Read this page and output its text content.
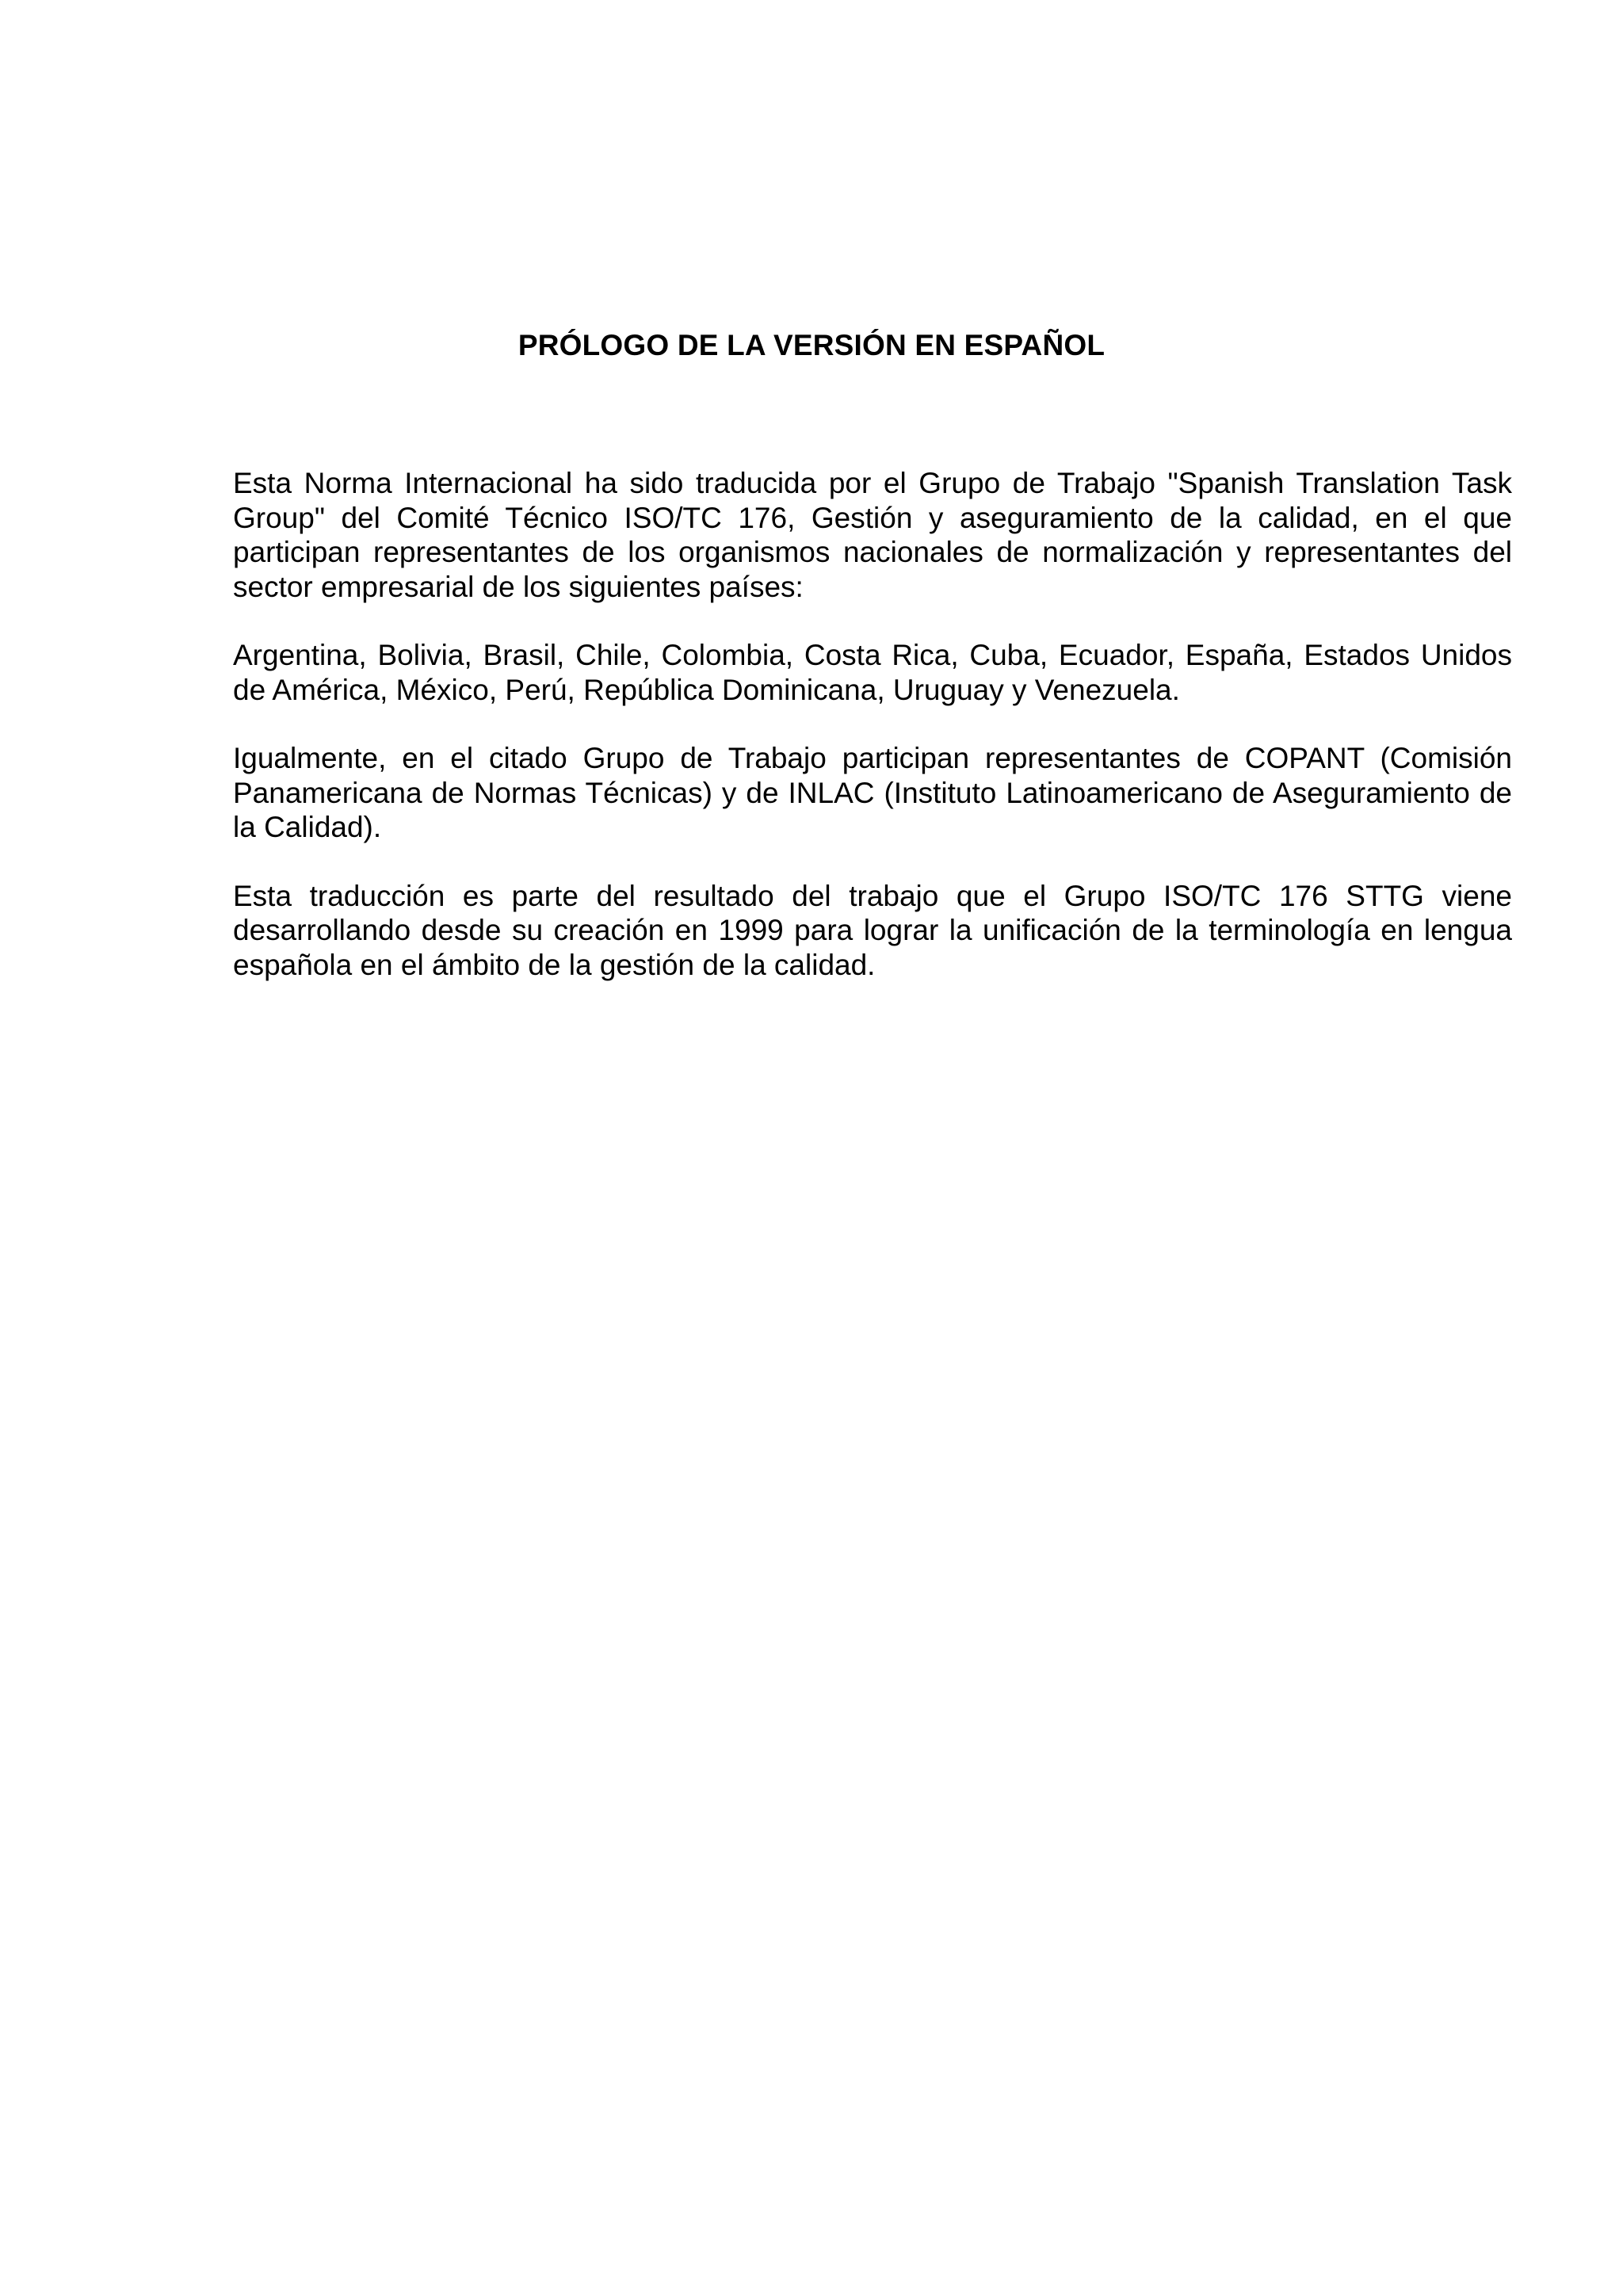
PRÓLOGO DE LA VERSIÓN EN ESPAÑOL

Esta Norma Internacional ha sido traducida por el Grupo de Trabajo "Spanish Translation Task Group" del Comité Técnico ISO/TC 176, Gestión y aseguramiento de la calidad, en el que participan representantes de los organismos nacionales de normalización y representantes del sector empresarial de los siguientes países:

Argentina, Bolivia, Brasil, Chile, Colombia, Costa Rica, Cuba, Ecuador, España, Estados Unidos de América, México, Perú, República Dominicana, Uruguay y Venezuela.

Igualmente, en el citado Grupo de Trabajo participan representantes de COPANT (Comisión Panamericana de Normas Técnicas) y de INLAC (Instituto Latinoamericano de Aseguramiento de la Calidad).

Esta traducción es parte del resultado del trabajo que el Grupo ISO/TC 176 STTG viene desarrollando desde su creación en 1999 para lograr la unificación de la terminología en lengua española en el ámbito de la gestión de la calidad.
